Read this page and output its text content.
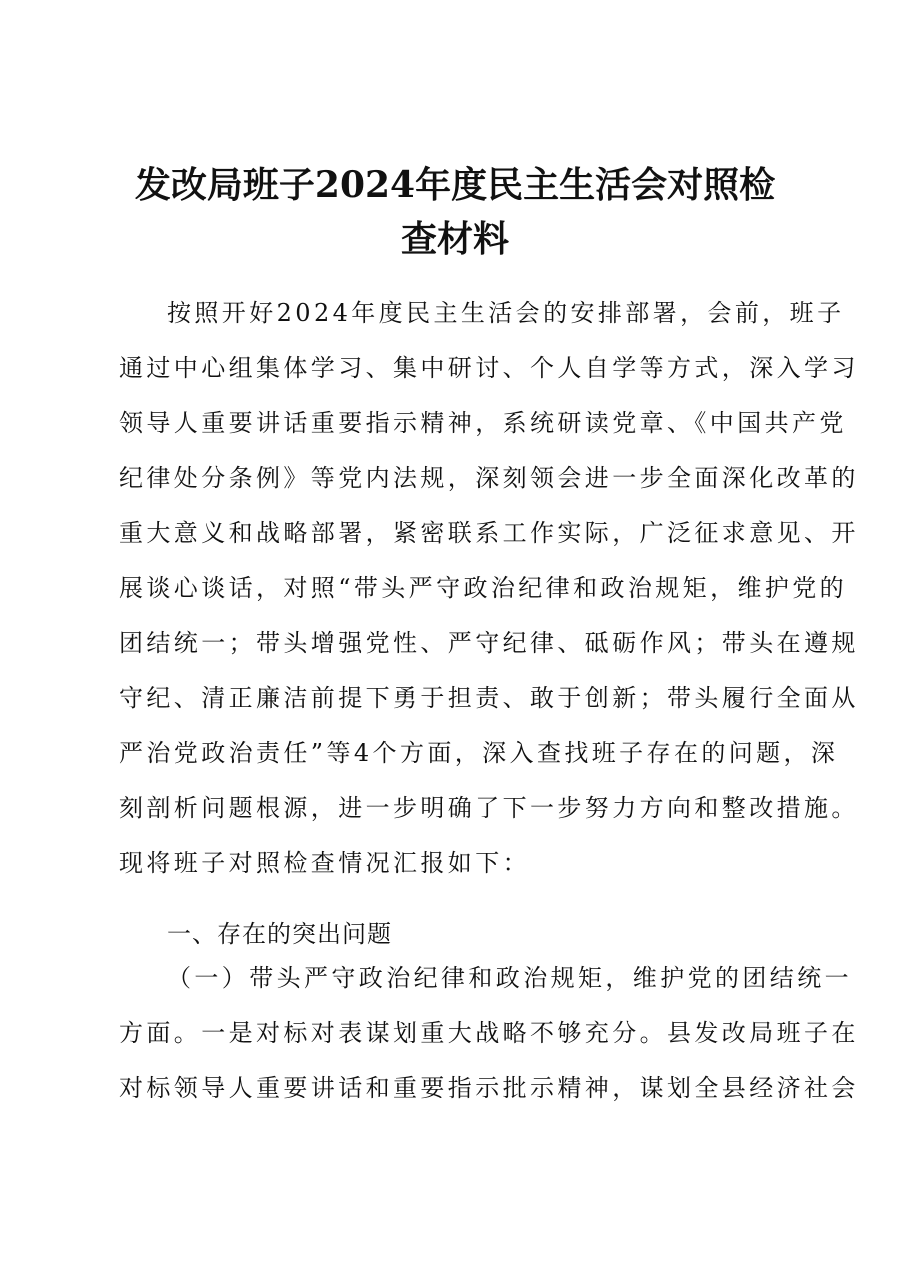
发改局班子2024年度民主生活会对照检查材料
按照开好2024年度民主生活会的安排部署，会前，班子
通过中心组集体学习、集中研讨、个人自学等方式，深入学习
领导人重要讲话重要指示精神，系统研读党章、《中国共产党
纪律处分条例》等党内法规，深刻领会进一步全面深化改革的
重大意义和战略部署，紧密联系工作实际，广泛征求意见、开
展谈心谈话，对照“带头严守政治纪律和政治规矩，维护党的
团结统一；带头增强党性、严守纪律、砥砺作风；带头在遵规
守纪、清正廉洁前提下勇于担责、敢于创新；带头履行全面从
严治党政治责任”等4个方面，深入查找班子存在的问题，深
刻剖析问题根源，进一步明确了下一步努力方向和整改措施。
现将班子对照检查情况汇报如下：
一、存在的突出问题
（一）带头严守政治纪律和政治规矩，维护党的团结统一
方面。一是对标对表谋划重大战略不够充分。县发改局班子在
对标领导人重要讲话和重要指示批示精神，谋划全县经济社会
